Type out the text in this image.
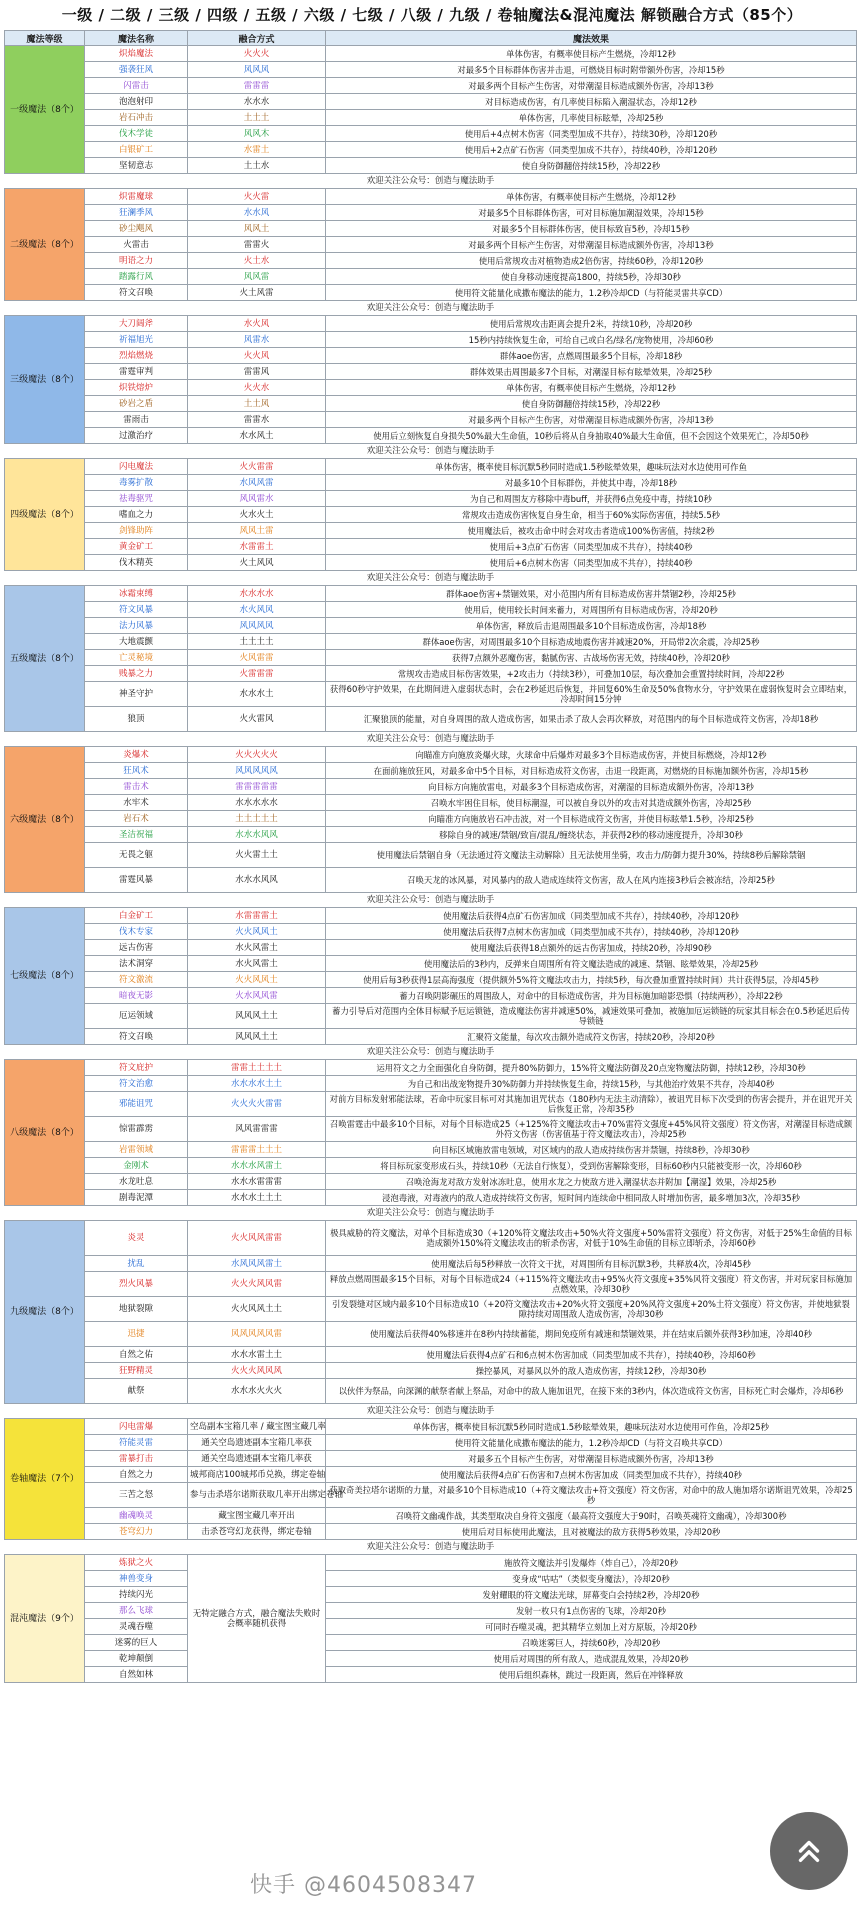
一级 / 二级 / 三级 / 四级 / 五级 / 六级 / 七级 / 八级 / 九级 / 卷轴魔法&混沌魔法 解锁融合方式（85个）
魔法等级	魔法名称	融合方式	魔法效果
一级魔法（8个）	炽焰魔法	火火火	单体伤害，有概率使目标产生燃烧，冷却12秒
	强袭狂风	风风风	对最多5个目标群体伤害并击退，可燃烧目标时附带额外伤害，冷却15秒
	闪雷击	雷雷雷	对最多两个目标产生伤害，对带潮湿目标造成额外伤害，冷却13秒
	泡泡射印	水水水	对目标造成伤害，有几率使目标陷入潮湿状态，冷却12秒
	岩石冲击	土土土	单体伤害，几率使目标眩晕，冷却25秒
	伐木学徒	风风木	使用后+4点树木伤害（同类型加成不共存），持续30秒，冷却120秒
	白银矿工	水雷土	使用后+2点矿石伤害（同类型加成不共存），持续40秒，冷却120秒
	坚韧意志	土土水	使自身防御翻倍持续15秒，冷却22秒
欢迎关注公众号：创造与魔法助手			
二级魔法（8个）	炽雷魔球	火火雷	单体伤害，有概率使目标产生燃烧，冷却12秒
	狂澜季风	水水风	对最多5个目标群体伤害，可对目标施加潮湿效果，冷却15秒
	砂尘飓风	风风土	对最多5个目标群体伤害，使目标致盲5秒，冷却15秒
	火雷击	雷雷火	对最多两个目标产生伤害，对带潮湿目标造成额外伤害，冷却13秒
	明语之力	火土水	使用后常规攻击对植物造成2倍伤害，持续60秒，冷却120秒
	踏露行风	风风雷	使自身移动速度提高1800，持续5秒，冷却30秒
	符文召唤	火土风雷	使用符文能量化成撒布魔法的能力，1.2秒冷却CD（与符能灵雷共享CD）
欢迎关注公众号：创造与魔法助手			
三级魔法（8个）	大刀阔斧	水火风	使用后常规攻击距离会提升2米，持续10秒，冷却20秒
	祈福旭光	风雷水	15秒内持续恢复生命，可给自己或白名/绿名/宠物使用，冷却60秒
	烈焰燃烧	火火风	群体aoe伤害，点燃周围最多5个目标，冷却18秒
	雷霆审判	雷雷风	群体效果击周围最多7个目标，对潮湿目标有眩晕效果，冷却25秒
	炽铁熔炉	火火水	单体伤害，有概率使目标产生燃烧，冷却12秒
	砂岩之盾	土土风	使自身防御翻倍持续15秒，冷却22秒
	雷雨击	雷雷水	对最多两个目标产生伤害，对带潮湿目标造成额外伤害，冷却13秒
	过激治疗	水水风土	使用后立刻恢复自身损失50%最大生命值，10秒后将从自身抽取40%最大生命值，但不会因这个效果死亡，冷却50秒
欢迎关注公众号：创造与魔法助手			
四级魔法（8个）	闪电魔法	火火雷雷	单体伤害，概率使目标沉默5秒同时造成1.5秒眩晕效果，趣味玩法对水边使用可作鱼
	毒雾扩散	水风风雷	对最多10个目标群伤，并使其中毒，冷却18秒
	祛毒驱咒	风风雷水	为自己和周围友方移除中毒buff，并获得6点免疫中毒，持续10秒
	嗜血之力	火水火土	常规攻击造成伤害恢复自身生命，相当于60%实际伤害值，持续5.5秒
	剑锋助阵	风风土雷	使用魔法后，被攻击命中时会对攻击者造成100%伤害值，持续2秒
	黄金矿工	水雷雷土	使用后+3点矿石伤害（同类型加成不共存），持续40秒
	伐木精英	火土风风	使用后+6点树木伤害（同类型加成不共存），持续40秒
欢迎关注公众号：创造与魔法助手			
五级魔法（8个）	冰霜束缚	水水水水	群体aoe伤害+禁锢效果，对小范围内所有目标造成伤害并禁锢2秒，冷却25秒
	符文风暴	水火风风	使用后，使用较长时间来蓄力，对周围所有目标造成伤害，冷却20秒
	法力风暴	风风风风	单体伤害，释放后击退周围最多10个目标造成伤害，冷却18秒
	大地震颤	土土土土	群体aoe伤害，对周围最多10个目标造成地震伤害并减速20%，开局带2次余震，冷却25秒
	亡灵秘境	火风雷雷	获得7点额外恶魔伤害，黏腻伤害、古战场伤害无效，持续40秒，冷却20秒
	贱暴之力	火雷雷雷	常规攻击造成目标伤害效果，+2攻击力（持续3秒），可叠加10层，每次叠加会重置持续时间，冷却22秒
	神圣守护	水水水土	获得60秒守护效果，在此期间进入虚弱状态时，会在2秒延迟后恢复，并回复60%生命及50%食物水分，守护效果在虚弱恢复时会立即结束，冷却时间15分钟
	狼顶	火火雷风	汇聚狼顶的能量，对自身周围的敌人造成伤害，如果击杀了敌人会再次释放，对范围内的每个目标造成符文伤害，冷却18秒
欢迎关注公众号：创造与魔法助手			
六级魔法（8个）	炎爆术	火火火火火	向瞄准方向施放炎爆火球，火球命中后爆炸对最多3个目标造成伤害，并使目标燃烧，冷却12秒
	狂风术	风风风风风	在面前施放狂风，对最多命中5个目标，对目标造成符文伤害，击退一段距离，对燃烧的目标施加额外伤害，冷却15秒
	雷击术	雷雷雷雷雷	向目标方向施放雷电，对最多3个目标造成伤害，对潮湿的目标造成额外伤害，冷却13秒
	水牢术	水水水水水	召唤水牢困住目标，使目标潮湿，可以被自身以外的攻击对其造成额外伤害，冷却25秒
	岩石术	土土土土土	向瞄准方向施放岩石冲击波，对一个目标造成符文伤害，并使目标眩晕1.5秒，冷却25秒
	圣洁祝福	水水水风风	移除自身的减速/禁锢/致盲/混乱/缠绕状态，并获得2秒的移动速度提升，冷却30秒
	无畏之躯	火火雷土土	使用魔法后禁锢自身（无法通过符文魔法主动解除）且无法使用坐骑，攻击力/防御力提升30%，持续8秒后解除禁锢
	雷霆风暴	水水水风风	召唤天龙的冰风暴，对风暴内的敌人造成连续符文伤害，敌人在风内连接3秒后会被冻结，冷却25秒
欢迎关注公众号：创造与魔法助手			
七级魔法（8个）	白金矿工	水雷雷雷土	使用魔法后获得4点矿石伤害加成（同类型加成不共存），持续40秒，冷却120秒
	伐木专家	火火风风土	使用魔法后获得7点树木伤害加成（同类型加成不共存），持续40秒，冷却120秒
	远古伤害	水火风雷土	使用魔法后获得18点额外的远古伤害加成，持续20秒，冷却90秒
	法术洞穿	水火风雷土	使用魔法后的3秒内，反弹来自周围所有符文魔法造成的减速、禁锢、眩晕效果，冷却25秒
	符文激流	火火风风土	使用后每3秒获得1层高海强度（提供额外5%符文魔法攻击力，持续5秒，每次叠加重置持续时间）共计获得5层，冷却45秒
	暗夜无影	火水风风雷	蓄力召唤阴影碾压的周围敌人，对命中的目标造成伤害，并为目标施加暗影恐惧（持续两秒），冷却22秒
	厄运领域	风风风土土	蓄力引导后对范围内全体目标赋予厄运锁链，造成魔法伤害并减速50%，减速效果可叠加，被施加厄运锁链的玩家其目标会在0.5秒延迟后传导锁链
	符文召唤	风风风土土	汇聚符文能量，每次攻击额外造成符文伤害，持续20秒，冷却20秒
欢迎关注公众号：创造与魔法助手			
八级魔法（8个）	符文庇护	雷雷土土土土	运用符文之力全面强化自身防御，提升80%防御力，15%符文魔法防御及20点宠物魔法防御，持续12秒，冷却30秒
	符文治愈	水水水水土土	为自己和出战宠物提升30%防御力并持续恢复生命，持续15秒，与其他治疗效果不共存，冷却40秒
	邪能诅咒	火火火火雷雷	对前方目标发射邪能法球，若命中玩家目标可对其施加诅咒状态（180秒内无法主动清除），被诅咒目标下次受到的伤害会提升，并在诅咒开关后恢复正常，冷却35秒
	惊雷霹雳	风风雷雷雷	召唤雷霆击中最多10个目标，对每个目标造成25（+125%符文魔法攻击+70%雷符文强度+45%风符文强度）符文伤害，对潮湿目标造成额外符文伤害（伤害值基于符文魔法攻击），冷却25秒
	岩雷领域	雷雷雷土土土	向目标区域施放雷电领域，对区域内的敌人造成持续伤害并禁锢，持续8秒，冷却30秒
	金刚术	水水水风雷土	将目标玩家变形成石头，持续10秒（无法自行恢复），受到伤害解除变形，目标60秒内只能被变形一次，冷却60秒
	水龙吐息	水水水雷雷雷	召唤沧海龙对敌方发射冰冻吐息，使用水龙之力使敌方进入潮湿状态并附加【潮湿】效果，冷却25秒
	剧毒泥潭	水水水土土土	浸泡毒液，对毒液内的敌人造成持续符文伤害，短时间内连续命中相同敌人时增加伤害，最多增加3次，冷却35秒
欢迎关注公众号：创造与魔法助手			
九级魔法（8个）	炎灵	火火风风雷雷	极具威胁的符文魔法，对单个目标造成30（+120%符文魔法攻击+50%火符文强度+50%雷符文强度）符文伤害，对低于25%生命值的目标造成额外150%符文魔法攻击的斩杀伤害，对低于10%生命值的目标立即斩杀，冷却60秒
	扰乱	水风风风雷土	使用魔法后每5秒释放一次符文干扰，对周围所有目标沉默3秒，共释放4次，冷却45秒
	烈火风暴	火火火风风雷	释放点燃周围最多15个目标，对每个目标造成24（+115%符文魔法攻击+95%火符文强度+35%风符文强度）符文伤害，并对玩家目标施加点燃效果，冷却30秒
	地狱裂隙	火火风风土土	引发裂缝对区域内最多10个目标造成10（+20符文魔法攻击+20%火符文强度+20%风符文强度+20%土符文强度）符文伤害，并使地狱裂隙持续对周围敌人造成伤害，冷却30秒
	迅捷	风风风风风雷	使用魔法后获得40%移速并在8秒内持续蓄能，期间免疫所有减速和禁锢效果，并在结束后额外获得3秒加速，冷却40秒
	自然之佑	水水水雷土土	使用魔法后获得4点矿石和6点树木伤害加成（同类型加成不共存），持续40秒，冷却60秒
	狂野精灵	火火火风风风	操控暴风，对暴风以外的敌人造成伤害，持续12秒，冷却30秒
	献祭	水水水火火火	以伙伴为祭品，向深渊的献祭者献上祭品，对命中的敌人施加诅咒，在接下来的3秒内，体次造成符文伤害，目标死亡时会爆炸，冷却6秒
欢迎关注公众号：创造与魔法助手			
卷轴魔法（7个）	闪电雷爆	空岛副本宝箱几率 / 藏宝图宝藏几率	单体伤害，概率使目标沉默5秒同时造成1.5秒眩晕效果，趣味玩法对水边使用可作鱼，冷却25秒
	符能灵雷	通关空岛遗迹副本宝箱几率获	使用符文能量化成撒布魔法的能力，1.2秒冷却CD（与符文召唤共享CD）
	雷暴打击	通关空岛遗迹副本宝箱几率获	对最多五个目标产生伤害，对带潮湿目标造成额外伤害，冷却13秒
	自然之力	城邦商店100城邦币兑换，绑定卷轴	使用魔法后获得4点矿石伤害和7点树木伤害加成（同类型加成不共存），持续40秒
	三苦之怒	参与击杀塔尔诺斯获取几率开出绑定卷轴	获取奇美拉塔尔诺斯的力量，对最多10个目标造成10（+符文魔法攻击+符文强度）符文伤害，对命中的敌人施加塔尔诺斯诅咒效果，冷却25秒
	幽魂唤灵	藏宝图宝藏几率开出	召唤符文幽魂作战，其类型取决自身符文强度（最高符文强度大于90时，召唤英魂符文幽魂），冷却300秒
	苍穹幻力	击杀苍穹幻龙获得，绑定卷轴	使用后对目标使用此魔法，且对被魔法的敌方获得5秒效果，冷却20秒
欢迎关注公众号：创造与魔法助手			
混沌魔法（9个）	炼狱之火	无特定融合方式，融合魔法失败时会概率随机获得	施放符文魔法并引发爆炸（炸自己），冷却20秒
	神兽变身		变身成“咕咕”（类似变身魔法），冷却20秒
	持续闪光		发射耀眼的符文魔法光球，屏幕变白会持续2秒，冷却20秒
	那么飞球		发射一枚只有1点伤害的飞球，冷却20秒
	灵魂吞噬		可同时吞噬灵魂，把其精华立刻加上对方原版，冷却20秒
	迷雾的巨人		召唤迷雾巨人，持续60秒，冷却20秒
	乾坤颠倒		使用后对周围的所有敌人，造成混乱效果，冷却20秒
	自然如林		使用后组织森林，跳过一段距离，然后在冲锋释放
快手 @4604508347
